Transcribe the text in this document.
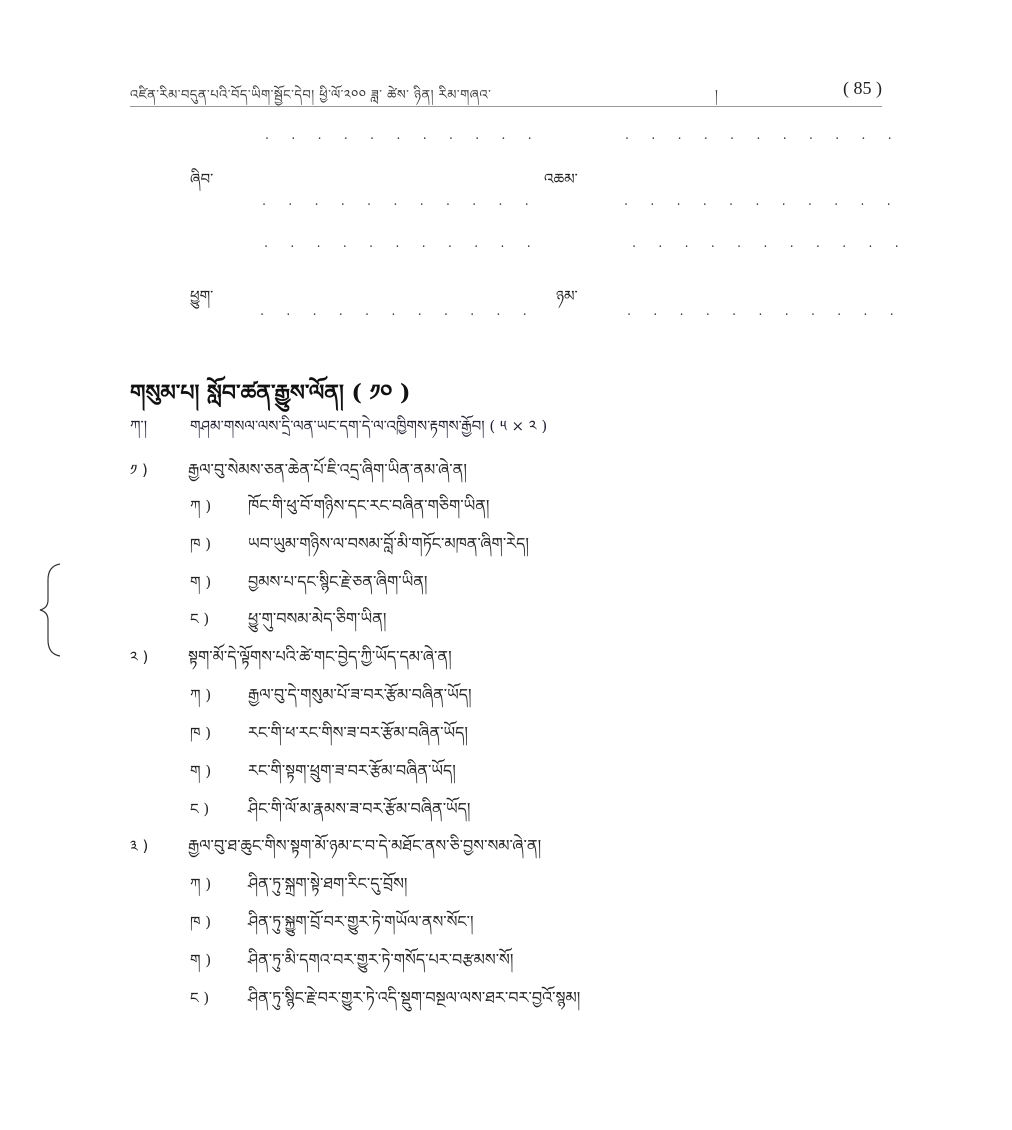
འཛིན་རིམ་བདུན་པའི་བོད་ཡིག་སྦྱོང་དེབ། ཕྱི་ལོ་༢༠༠ ཟླ་ ཚེས་ ཉིན། རིམ་གཞའ་	།	( 85 )
. . . . . . . . . . .	. . . . . . . . . . .
ཞིབ་	འཆམ་
. . . . . . . . . . .	. . . . . . . . . . .
. . . . . . . . . . .	. . . . . . . . . . .
ཕྱུག་	ཉམ་
. . . . . . . . . . .	. . . . . . . . . . .
གསུམ་པ། སློབ་ཚན་རྒྱུས་ལོན། ( ༡༠ )
ཀ་།	གཤམ་གསལ་ལས་དྲི་ལན་ཡང་དག་དེ་ལ་འཁྱིགས་རྟགས་རྒྱོབ། ( ༥ × ༢ )
༡ )	རྒྱལ་བུ་སེམས་ཅན་ཆེན་པོ་ཇི་འདྲ་ཞིག་ཡིན་ནམ་ཞེ་ན།
ཀ ) ཁོང་གི་ཕུ་བོ་གཉིས་དང་རང་བཞིན་གཅིག་ཡིན།
ཁ ) ཡབ་ཡུམ་གཉིས་ལ་བསམ་བློ་མི་གཏོང་མཁན་ཞིག་རེད།
ག ) བྱམས་པ་དང་སྙིང་རྗེ་ཅན་ཞིག་ཡིན།
ང ) ཕྱུ་གུ་བསམ་མེད་ཅིག་ཡིན།
༢ ) སྟག་མོ་དེ་ལྟོགས་པའི་ཚེ་གང་བྱེད་ཀྱི་ཡོད་དམ་ཞེ་ན།
ཀ ) རྒྱལ་བུ་དེ་གསུམ་པོ་ཟ་བར་རྩོམ་བཞིན་ཡོད།
ཁ ) རང་གི་ཕ་རང་གིས་ཟ་བར་རྩོམ་བཞིན་ཡོད།
ག ) རང་གི་སྟག་ཕྲུག་ཟ་བར་རྩོམ་བཞིན་ཡོད།
ང ) ཤིང་གི་ལོ་མ་རྣམས་ཟ་བར་རྩོམ་བཞིན་ཡོད།
༣ ) རྒྱལ་བུ་ཐ་ཆུང་གིས་སྟག་མོ་ཉམ་ང་བ་དེ་མཐོང་ནས་ཅི་བྱས་སམ་ཞེ་ན།
ཀ ) ཤིན་ཏུ་སྐྲག་སྟེ་ཐག་རིང་དུ་བྲོས།
ཁ ) ཤིན་ཏུ་སྐྱུག་བྲོ་བར་གྱུར་ཏེ་གཡོལ་ནས་སོང་།
ག ) ཤིན་ཏུ་མི་དགའ་བར་གྱུར་ཏེ་གསོད་པར་བརྩམས་སོ།
ང ) ཤིན་ཏུ་སྙིང་རྗེ་བར་གྱུར་ཏེ་འདི་སྡུག་བསྔལ་ལས་ཐར་བར་བྱའོ་སྙམ།
